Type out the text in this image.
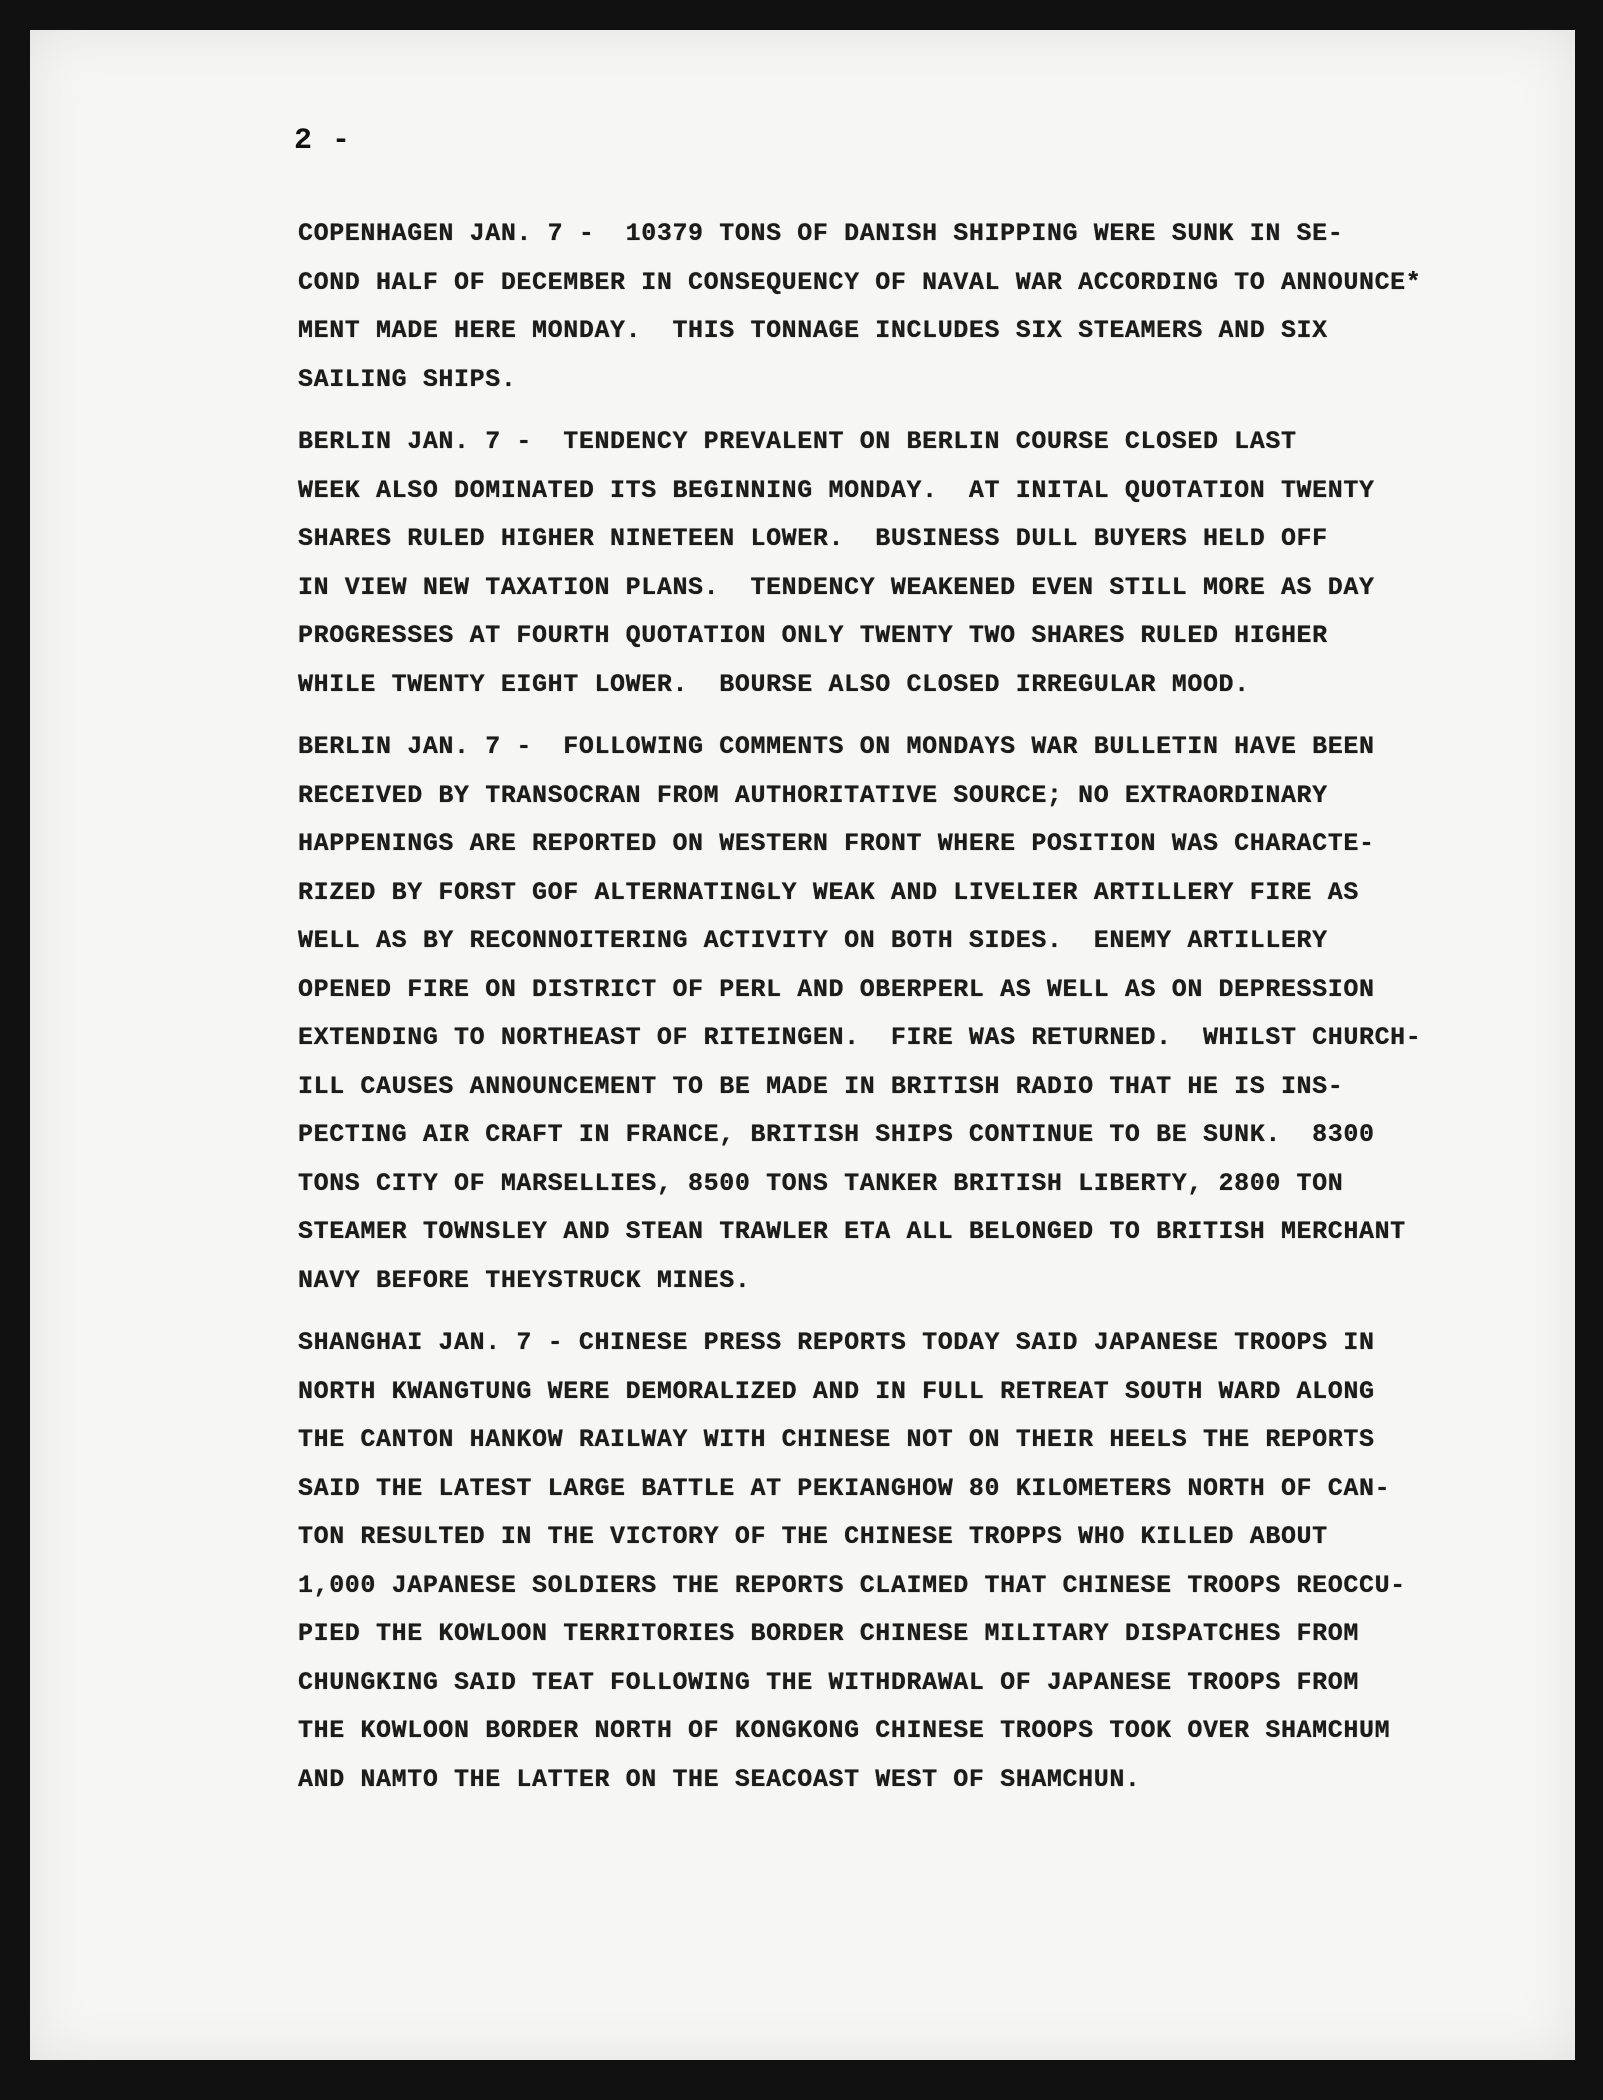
2 -
COPENHAGEN JAN. 7 -  10379 TONS OF DANISH SHIPPING WERE SUNK IN SE-
COND HALF OF DECEMBER IN CONSEQUENCY OF NAVAL WAR ACCORDING TO ANNOUNCE*
MENT MADE HERE MONDAY.  THIS TONNAGE INCLUDES SIX STEAMERS AND SIX
SAILING SHIPS.
BERLIN JAN. 7 -  TENDENCY PREVALENT ON BERLIN COURSE CLOSED LAST
WEEK ALSO DOMINATED ITS BEGINNING MONDAY.  AT INITAL QUOTATION TWENTY
SHARES RULED HIGHER NINETEEN LOWER.  BUSINESS DULL BUYERS HELD OFF
IN VIEW NEW TAXATION PLANS.  TENDENCY WEAKENED EVEN STILL MORE AS DAY
PROGRESSES AT FOURTH QUOTATION ONLY TWENTY TWO SHARES RULED HIGHER
WHILE TWENTY EIGHT LOWER.  BOURSE ALSO CLOSED IRREGULAR MOOD.
BERLIN JAN. 7 -  FOLLOWING COMMENTS ON MONDAYS WAR BULLETIN HAVE BEEN
RECEIVED BY TRANSOCRAN FROM AUTHORITATIVE SOURCE; NO EXTRAORDINARY
HAPPENINGS ARE REPORTED ON WESTERN FRONT WHERE POSITION WAS CHARACTE-
RIZED BY FORST GOF ALTERNATINGLY WEAK AND LIVELIER ARTILLERY FIRE AS
WELL AS BY RECONNOITERING ACTIVITY ON BOTH SIDES.  ENEMY ARTILLERY
OPENED FIRE ON DISTRICT OF PERL AND OBERPERL AS WELL AS ON DEPRESSION
EXTENDING TO NORTHEAST OF RITEINGEN.  FIRE WAS RETURNED.  WHILST CHURCH-
ILL CAUSES ANNOUNCEMENT TO BE MADE IN BRITISH RADIO THAT HE IS INS-
PECTING AIR CRAFT IN FRANCE, BRITISH SHIPS CONTINUE TO BE SUNK.  8300
TONS CITY OF MARSELLIES, 8500 TONS TANKER BRITISH LIBERTY, 2800 TON
STEAMER TOWNSLEY AND STEAN TRAWLER ETA ALL BELONGED TO BRITISH MERCHANT
NAVY BEFORE THEYSTRUCK MINES.
SHANGHAI JAN. 7 - CHINESE PRESS REPORTS TODAY SAID JAPANESE TROOPS IN
NORTH KWANGTUNG WERE DEMORALIZED AND IN FULL RETREAT SOUTH WARD ALONG
THE CANTON HANKOW RAILWAY WITH CHINESE NOT ON THEIR HEELS THE REPORTS
SAID THE LATEST LARGE BATTLE AT PEKIANGHOW 80 KILOMETERS NORTH OF CAN-
TON RESULTED IN THE VICTORY OF THE CHINESE TROPPS WHO KILLED ABOUT
1,000 JAPANESE SOLDIERS THE REPORTS CLAIMED THAT CHINESE TROOPS REOCCU-
PIED THE KOWLOON TERRITORIES BORDER CHINESE MILITARY DISPATCHES FROM
CHUNGKING SAID TEAT FOLLOWING THE WITHDRAWAL OF JAPANESE TROOPS FROM
THE KOWLOON BORDER NORTH OF KONGKONG CHINESE TROOPS TOOK OVER SHAMCHUM
AND NAMTO THE LATTER ON THE SEACOAST WEST OF SHAMCHUN.
